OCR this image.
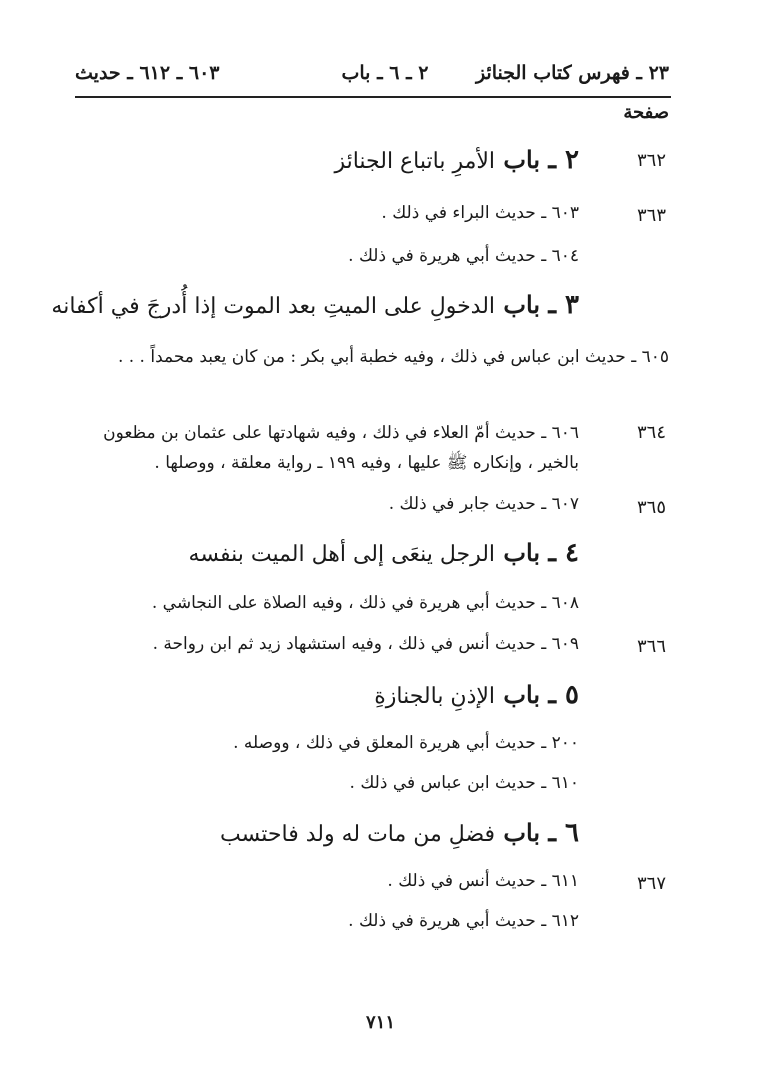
٢٣ ـ فهرس كتاب الجنائز
٢ ـ ٦ ـ باب
٦٠٣ ـ ٦١٢ ـ حديث
صفحة
٣٦٢
٢ ـ باب الأمرِ باتباع الجنائز
٣٦٣
٦٠٣ ـ حديث البراء في ذلك .
٦٠٤ ـ حديث أبي هريرة في ذلك .
٣ ـ باب الدخولِ على الميتِ بعد الموت إذا أُدرجَ في أكفانه
٦٠٥ ـ حديث ابن عباس في ذلك ، وفيه خطبة أبي بكر : من كان يعبد محمداً . . .
٣٦٤
٦٠٦ ـ حديث أمّ العلاء في ذلك ، وفيه شهادتها على عثمان بن مظعون بالخير ، وإنكاره ﷺ عليها ، وفيه ١٩٩ ـ رواية معلقة ، ووصلها .
٣٦٥
٦٠٧ ـ حديث جابر في ذلك .
٤ ـ باب الرجل ينعَى إلى أهل الميت بنفسه
٦٠٨ ـ حديث أبي هريرة في ذلك ، وفيه الصلاة على النجاشي .
٣٦٦
٦٠٩ ـ حديث أنس في ذلك ، وفيه استشهاد زيد ثم ابن رواحة .
٥ ـ باب الإذنِ بالجنازةِ
٢٠٠ ـ حديث أبي هريرة المعلق في ذلك ، ووصله .
٦١٠ ـ حديث ابن عباس في ذلك .
٦ ـ باب فضلِ من مات له ولد فاحتسب
٣٦٧
٦١١ ـ حديث أنس في ذلك .
٦١٢ ـ حديث أبي هريرة في ذلك .
٧١١
